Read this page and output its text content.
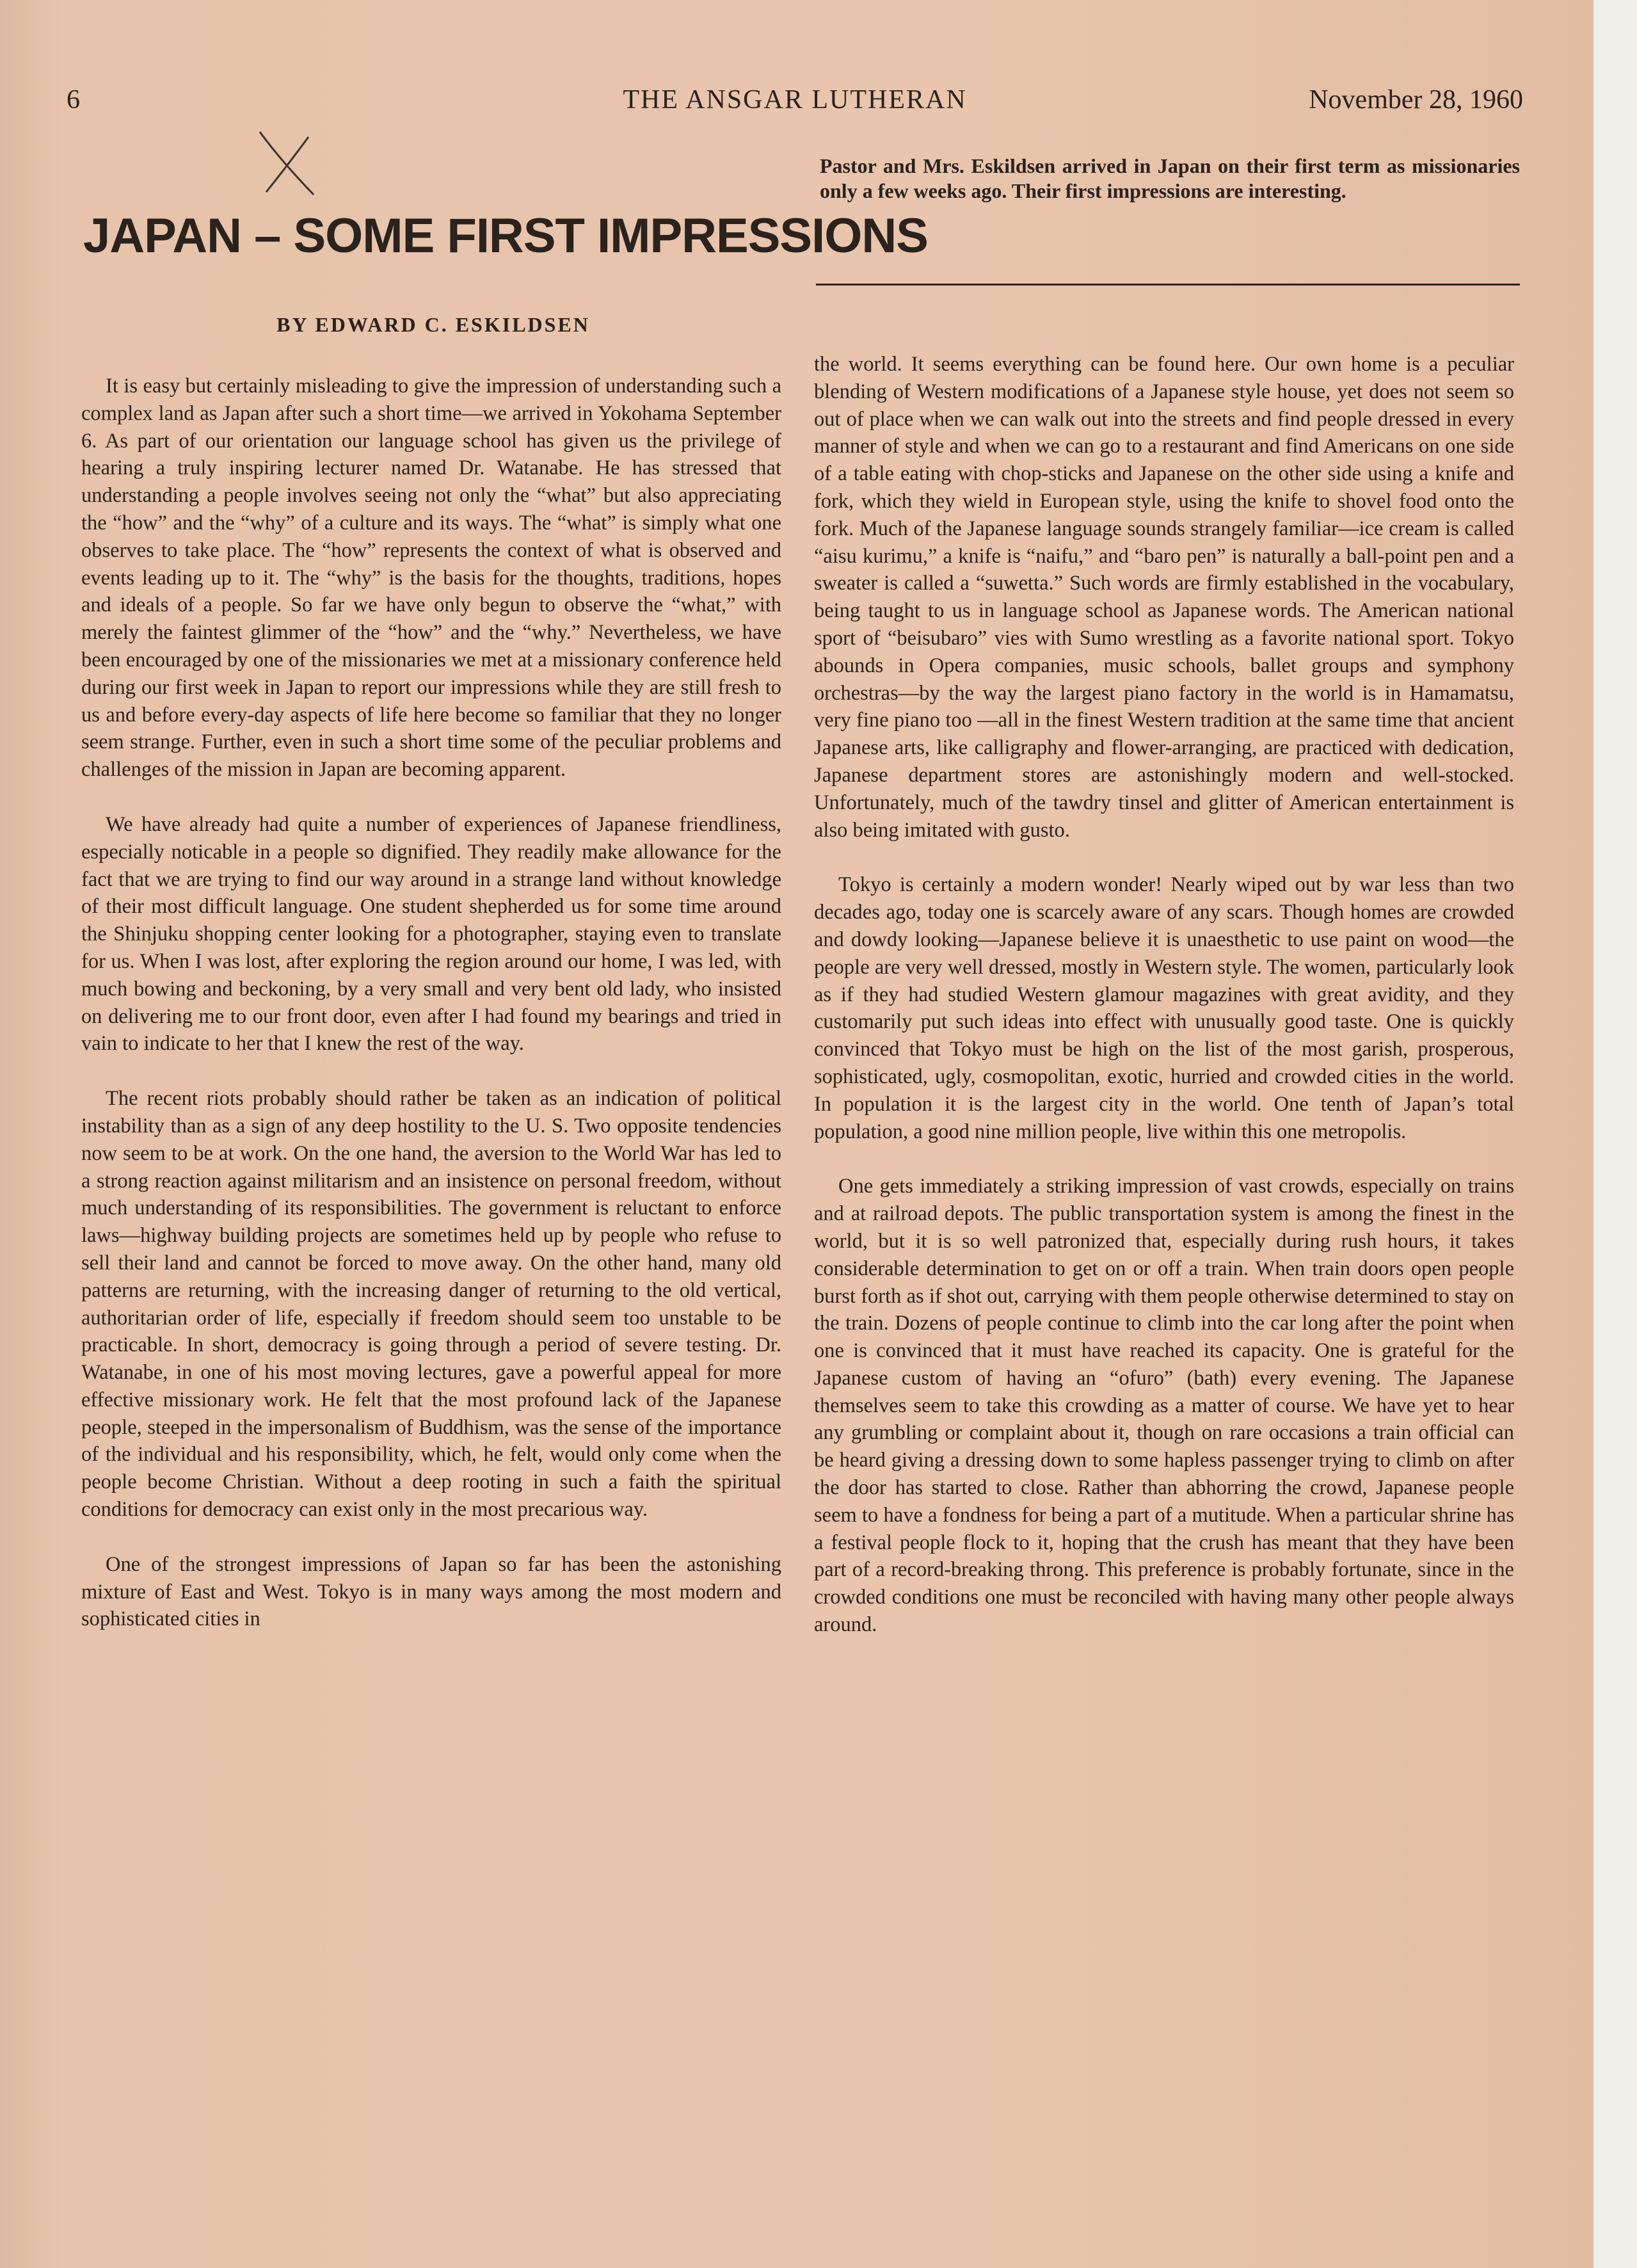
6	THE ANSGAR LUTHERAN	November 28, 1960
JAPAN – SOME FIRST IMPRESSIONS
Pastor and Mrs. Eskildsen arrived in Japan on their first term as missionaries only a few weeks ago. Their first impressions are interesting.
BY EDWARD C. ESKILDSEN

It is easy but certainly misleading to give the impression of understanding such a complex land as Japan after such a short time—we arrived in Yokohama September 6. As part of our orientation our language school has given us the privilege of hearing a truly inspiring lecturer named Dr. Watanabe. He has stressed that understanding a people involves seeing not only the “what” but also appreciating the “how” and the “why” of a culture and its ways. The “what” is simply what one observes to take place. The “how” represents the context of what is observed and events leading up to it. The “why” is the basis for the thoughts, traditions, hopes and ideals of a people. So far we have only begun to observe the “what,” with merely the faintest glimmer of the “how” and the “why.” Nevertheless, we have been encouraged by one of the missionaries we met at a missionary conference held during our first week in Japan to report our impressions while they are still fresh to us and before every-day aspects of life here become so familiar that they no longer seem strange. Further, even in such a short time some of the peculiar problems and challenges of the mission in Japan are becoming apparent.

We have already had quite a number of experiences of Japanese friendliness, especially noticable in a people so dignified. They readily make allowance for the fact that we are trying to find our way around in a strange land without knowledge of their most difficult language. One student shepherded us for some time around the Shinjuku shopping center looking for a photographer, staying even to translate for us. When I was lost, after exploring the region around our home, I was led, with much bowing and beckoning, by a very small and very bent old lady, who insisted on delivering me to our front door, even after I had found my bearings and tried in vain to indicate to her that I knew the rest of the way.

The recent riots probably should rather be taken as an indication of political instability than as a sign of any deep hostility to the U. S. Two opposite tendencies now seem to be at work. On the one hand, the aversion to the World War has led to a strong reaction against militarism and an insistence on personal freedom, without much understanding of its responsibilities. The government is reluctant to enforce laws—highway building projects are sometimes held up by people who refuse to sell their land and cannot be forced to move away. On the other hand, many old patterns are returning, with the increasing danger of returning to the old vertical, authoritarian order of life, especially if freedom should seem too unstable to be practicable. In short, democracy is going through a period of severe testing. Dr. Watanabe, in one of his most moving lectures, gave a powerful appeal for more effective missionary work. He felt that the most profound lack of the Japanese people, steeped in the impersonalism of Buddhism, was the sense of the importance of the individual and his responsibility, which, he felt, would only come when the people become Christian. Without a deep rooting in such a faith the spiritual conditions for democracy can exist only in the most precarious way.

One of the strongest impressions of Japan so far has been the astonishing mixture of East and West. Tokyo is in many ways among the most modern and sophisticated cities in

the world. It seems everything can be found here. Our own home is a peculiar blending of Western modifications of a Japanese style house, yet does not seem so out of place when we can walk out into the streets and find people dressed in every manner of style and when we can go to a restaurant and find Americans on one side of a table eating with chop-sticks and Japanese on the other side using a knife and fork, which they wield in European style, using the knife to shovel food onto the fork. Much of the Japanese language sounds strangely familiar—ice cream is called “aisu kurimu,” a knife is “naifu,” and “baro pen” is naturally a ball-point pen and a sweater is called a “suwetta.” Such words are firmly established in the vocabulary, being taught to us in language school as Japanese words. The American national sport of “beisubaro” vies with Sumo wrestling as a favorite national sport. Tokyo abounds in Opera companies, music schools, ballet groups and symphony orchestras—by the way the largest piano factory in the world is in Hamamatsu, very fine piano too —all in the finest Western tradition at the same time that ancient Japanese arts, like calligraphy and flower-arranging, are practiced with dedication, Japanese department stores are astonishingly modern and well-stocked. Unfortunately, much of the tawdry tinsel and glitter of American entertainment is also being imitated with gusto.

Tokyo is certainly a modern wonder! Nearly wiped out by war less than two decades ago, today one is scarcely aware of any scars. Though homes are crowded and dowdy looking—Japanese believe it is unaesthetic to use paint on wood—the people are very well dressed, mostly in Western style. The women, particularly look as if they had studied Western glamour magazines with great avidity, and they customarily put such ideas into effect with unusually good taste. One is quickly convinced that Tokyo must be high on the list of the most garish, prosperous, sophisticated, ugly, cosmopolitan, exotic, hurried and crowded cities in the world. In population it is the largest city in the world. One tenth of Japan’s total population, a good nine million people, live within this one metropolis.

One gets immediately a striking impression of vast crowds, especially on trains and at railroad depots. The public transportation system is among the finest in the world, but it is so well patronized that, especially during rush hours, it takes considerable determination to get on or off a train. When train doors open people burst forth as if shot out, carrying with them people otherwise determined to stay on the train. Dozens of people continue to climb into the car long after the point when one is convinced that it must have reached its capacity. One is grateful for the Japanese custom of having an “ofuro” (bath) every evening. The Japanese themselves seem to take this crowding as a matter of course. We have yet to hear any grumbling or complaint about it, though on rare occasions a train official can be heard giving a dressing down to some hapless passenger trying to climb on after the door has started to close. Rather than abhorring the crowd, Japanese people seem to have a fondness for being a part of a mutitude. When a particular shrine has a festival people flock to it, hoping that the crush has meant that they have been part of a record-breaking throng. This preference is probably fortunate, since in the crowded conditions one must be reconciled with having many other people always around.
